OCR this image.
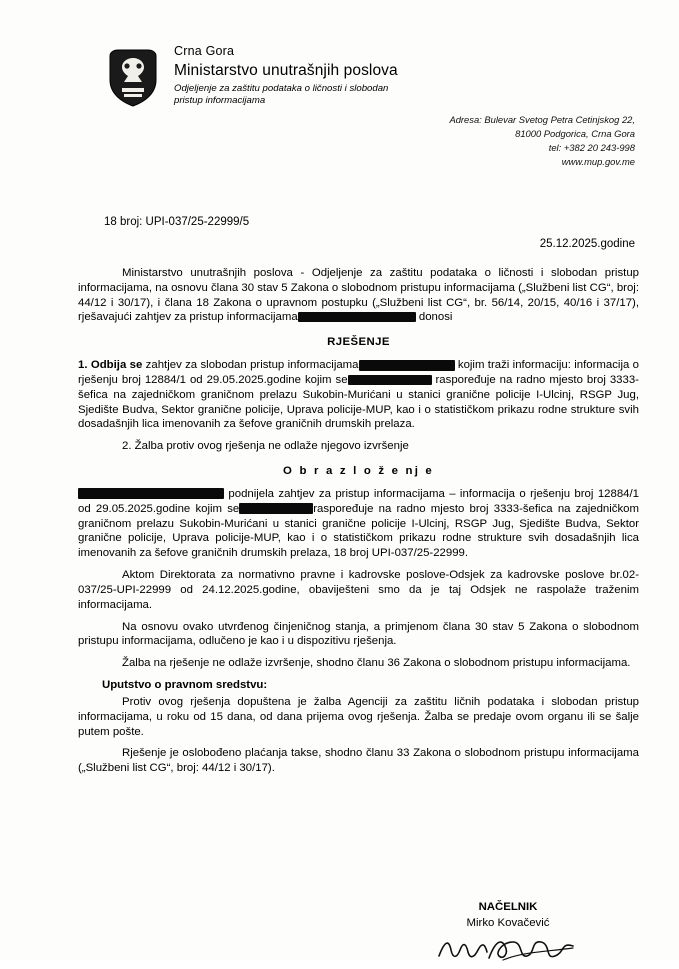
Crna Gora
Ministarstvo unutrašnjih poslova
Odjeljenje za zaštitu podataka o ličnosti i slobodan pristup informacijama
Adresa: Bulevar Svetog Petra Cetinjskog 22,
81000 Podgorica, Crna Gora
tel: +382 20 243-998
www.mup.gov.me
18 broj: UPI-037/25-22999/5
25.12.2025.godine

Ministarstvo unutrašnjih poslova - Odjeljenje za zaštitu podataka o ličnosti i slobodan pristup informacijama, na osnovu člana 30 stav 5 Zakona o slobodnom pristupu informacijama („Službeni list CG“, broj: 44/12 i 30/17), i člana 18 Zakona o upravnom postupku („Službeni list CG“, br. 56/14, 20/15, 40/16 i 37/17), rješavajući zahtjev za pristup informacijama	donosi

RJEŠENJE

1. Odbija se zahtjev za slobodan pristup informacijama	kojim traži informaciju: informacija o rješenju broj 12884/1 od 29.05.2025.godine kojim se	raspoređuje na radno mjesto broj 3333-šefica na zajedničkom graničnom prelazu Sukobin-Murićani u stanici granične policije I-Ulcinj, RSGP Jug, Sjedište Budva, Sektor granične policije, Uprava policije-MUP, kao i o statističkom prikazu rodne strukture svih dosadašnjih lica imenovanih za šefove graničnih drumskih prelaza.

2. Žalba protiv ovog rješenja ne odlaže njegovo izvršenje

O b r a z l o ž e nj e

podnijela zahtjev za pristup informacijama – informacija o rješenju broj 12884/1 od 29.05.2025.godine kojim se	raspoređuje na radno mjesto broj 3333-šefica na zajedničkom graničnom prelazu Sukobin-Murićani u stanici granične policije I-Ulcinj, RSGP Jug, Sjedište Budva, Sektor granične policije, Uprava policije-MUP, kao i o statističkom prikazu rodne strukture svih dosadašnjih lica imenovanih za šefove graničnih drumskih prelaza, 18 broj UPI-037/25-22999.

Aktom Direktorata za normativno pravne i kadrovske poslove-Odsjek za kadrovske poslove br.02-037/25-UPI-22999 od 24.12.2025.godine, obaviješteni smo da je taj Odsjek ne raspolaže traženim informacijama.

Na osnovu ovako utvrđenog činjeničnog stanja, a primjenom člana 30 stav 5 Zakona o slobodnom pristupu informacijama, odlučeno je kao i u dispozitivu rješenja.

Žalba na rješenje ne odlaže izvršenje, shodno članu 36 Zakona o slobodnom pristupu informacijama.

Uputstvo o pravnom sredstvu:

Protiv ovog rješenja dopuštena je žalba Agenciji za zaštitu ličnih podataka i slobodan pristup informacijama, u roku od 15 dana, od dana prijema ovog rješenja. Žalba se predaje ovom organu ili se šalje putem pošte.

Rješenje je oslobođeno plaćanja takse, shodno članu 33 Zakona o slobodnom pristupu informacijama („Službeni list CG“, broj: 44/12 i 30/17).

NAČELNIK
Mirko Kovačević
